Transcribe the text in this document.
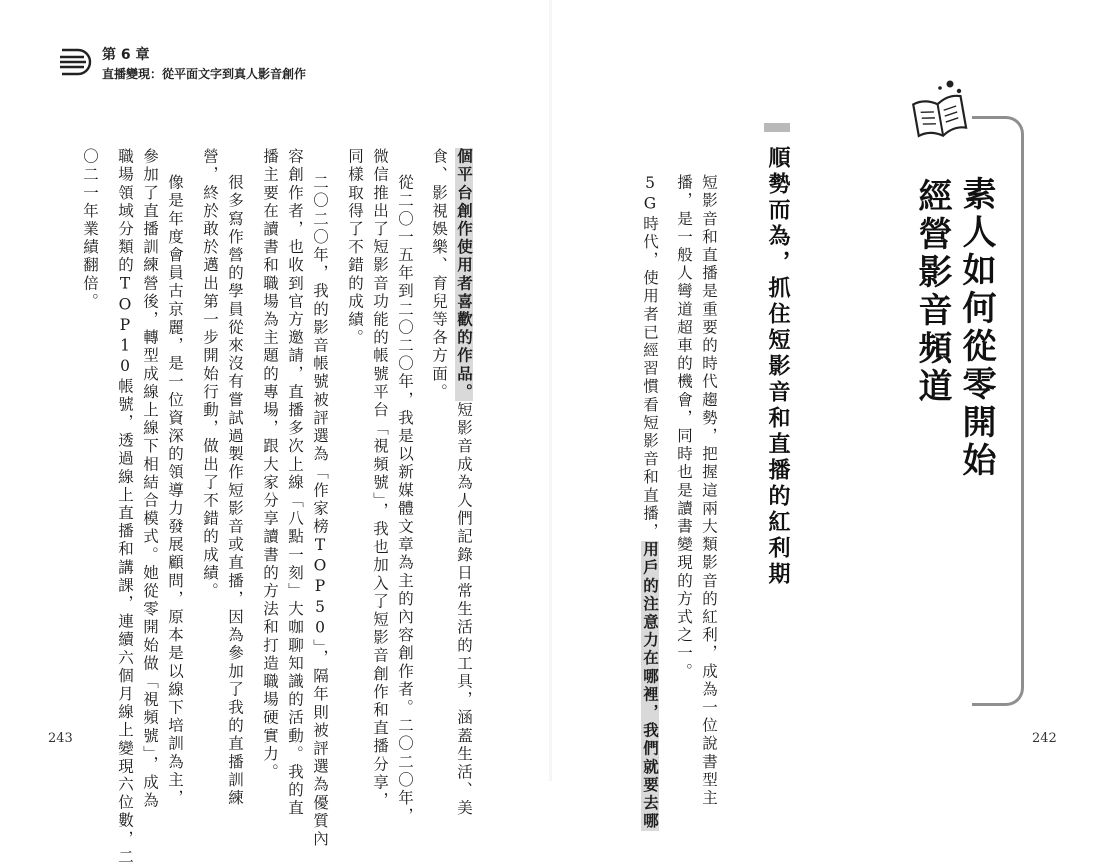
第 6 章
直播變現：從平面文字到真人影音創作
素人如何從零開始
經營影音頻道
順勢而為，抓住短影音和直播的紅利期
短影音和直播是重要的時代趨勢，把握這兩大類影音的紅利，成為一位說書型主
播，是一般人彎道超車的機會，同時也是讀書變現的方式之一。
5G時代，使用者已經習慣看短影音和直播，用戶的注意力在哪裡，我們就要去哪	242
個平台創作使用者喜歡的作品。短影音成為人們記錄日常生活的工具，涵蓋生活、美
食、影視娛樂、育兒等各方面。
從二〇一五年到二〇二〇年，我是以新媒體文章為主的內容創作者。二〇二〇年，
微信推出了短影音功能的帳號平台「視頻號」，我也加入了短影音創作和直播分享，
同樣取得了不錯的成績。
二〇二〇年，我的影音帳號被評選為「作家榜TOP50」，隔年則被評選為優質內
容創作者，也收到官方邀請，直播多次上線「八點一刻」大咖聊知識的活動。我的直
播主要在讀書和職場為主題的專場，跟大家分享讀書的方法和打造職場硬實力。
很多寫作營的學員從來沒有嘗試過製作短影音或直播，因為參加了我的直播訓練
營，終於敢於邁出第一步開始行動，做出了不錯的成績。
像是年度會員古京麗，是一位資深的領導力發展顧問，原本是以線下培訓為主，
參加了直播訓練營後，轉型成線上線下相結合模式。她從零開始做「視頻號」，成為
職場領域分類的TOP10帳號，透過線上直播和講課，連續六個月線上變現六位數，二
〇二一年業績翻倍。
243
